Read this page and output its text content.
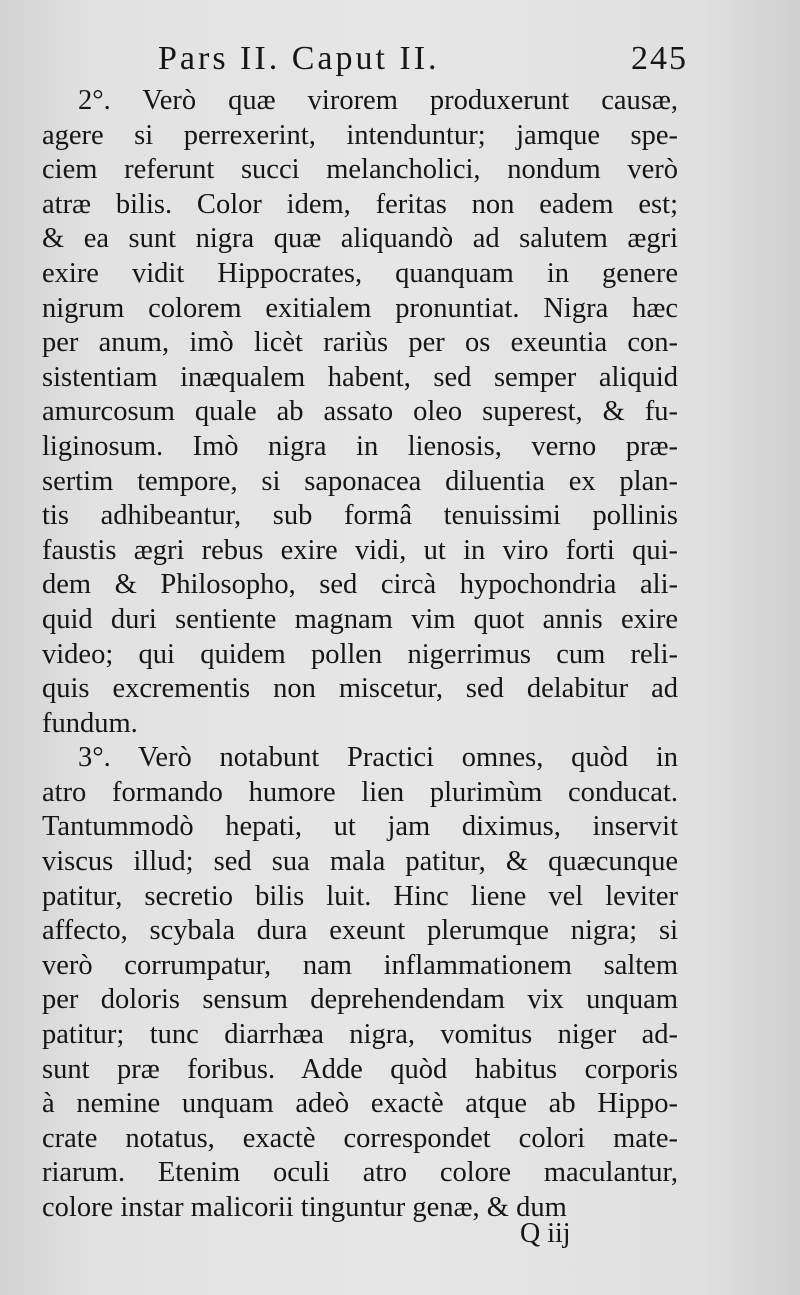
Pars II. Caput II.	245
2°. Verò quæ virorem produxerunt causæ,
agere si perrexerint, intenduntur; jamque spe-
ciem referunt succi melancholici, nondum verò
atræ bilis. Color idem, feritas non eadem est;
& ea sunt nigra quæ aliquandò ad salutem ægri
exire vidit Hippocrates, quanquam in genere
nigrum colorem exitialem pronuntiat. Nigra hæc
per anum, imò licèt rariùs per os exeuntia con-
sistentiam inæqualem habent, sed semper aliquid
amurcosum quale ab assato oleo superest, & fu-
liginosum. Imò nigra in lienosis, verno præ-
sertim tempore, si saponacea diluentia ex plan-
tis adhibeantur, sub formâ tenuissimi pollinis
faustis ægri rebus exire vidi, ut in viro forti qui-
dem & Philosopho, sed circà hypochondria ali-
quid duri sentiente magnam vim quot annis exire
video; qui quidem pollen nigerrimus cum reli-
quis excrementis non miscetur, sed delabitur ad
fundum.
3°. Verò notabunt Practici omnes, quòd in
atro formando humore lien plurimùm conducat.
Tantummodò hepati, ut jam diximus, inservit
viscus illud; sed sua mala patitur, & quæcunque
patitur, secretio bilis luit. Hinc liene vel leviter
affecto, scybala dura exeunt plerumque nigra; si
verò corrumpatur, nam inflammationem saltem
per doloris sensum deprehendendam vix unquam
patitur; tunc diarrhæa nigra, vomitus niger ad-
sunt præ foribus. Adde quòd habitus corporis
à nemine unquam adeò exactè atque ab Hippo-
crate notatus, exactè correspondet colori mate-
riarum. Etenim oculi atro colore maculantur,
colore instar malicorii tinguntur genæ, & dum
Q iij
